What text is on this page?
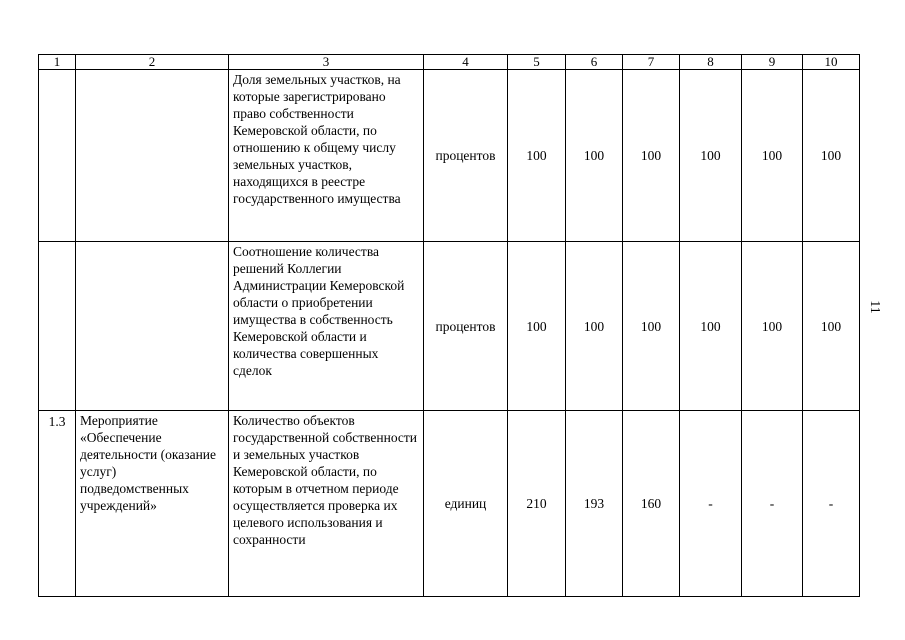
1	2	3	4	5	6	7	8	9	10
		Доля земельных участков, на которые зарегистрировано право собственности Кемеровской области, по отношению к общему числу земельных участков, находящихся в реестре государственного имущества	процентов	100	100	100	100	100	100
		Соотношение количества решений Коллегии Администрации Кемеровской области о приобретении имущества в собственность Кемеровской области и количества совершенных сделок	процентов	100	100	100	100	100	100
1.3	Мероприятие «Обеспечение деятельности (оказание услуг) подведомственных учреждений»	Количество объектов государственной собственности и земельных участков Кемеровской области, по которым в отчетном периоде осуществляется проверка их целевого использования и сохранности	единиц	210	193	160	-	-	-
11
